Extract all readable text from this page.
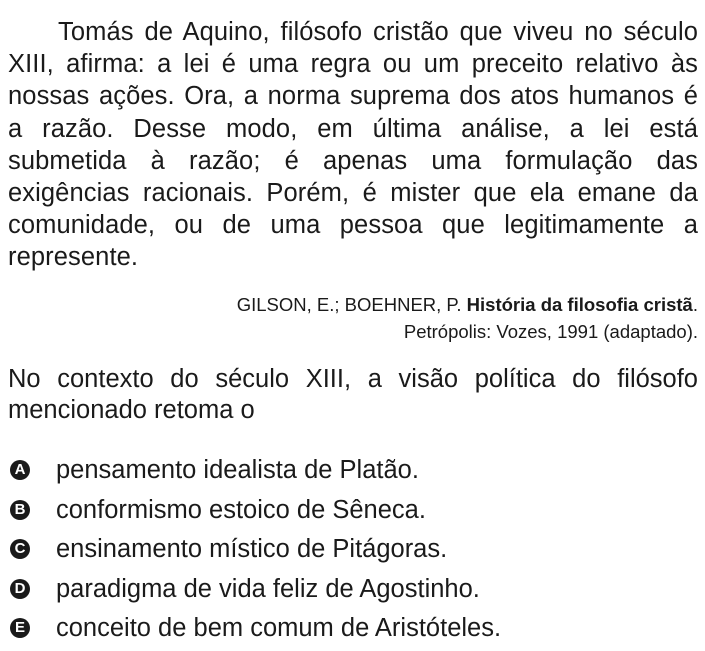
Tomás de Aquino, filósofo cristão que viveu no século XIII, afirma: a lei é uma regra ou um preceito relativo às nossas ações. Ora, a norma suprema dos atos humanos é a razão. Desse modo, em última análise, a lei está submetida à razão; é apenas uma formulação das exigências racionais. Porém, é mister que ela emane da comunidade, ou de uma pessoa que legitimamente a represente.

GILSON, E.; BOEHNER, P. História da filosofia cristã.
Petrópolis: Vozes, 1991 (adaptado).

No contexto do século XIII, a visão política do filósofo mencionado retoma o

A pensamento idealista de Platão.
B conformismo estoico de Sêneca.
C ensinamento místico de Pitágoras.
D paradigma de vida feliz de Agostinho.
E conceito de bem comum de Aristóteles.
